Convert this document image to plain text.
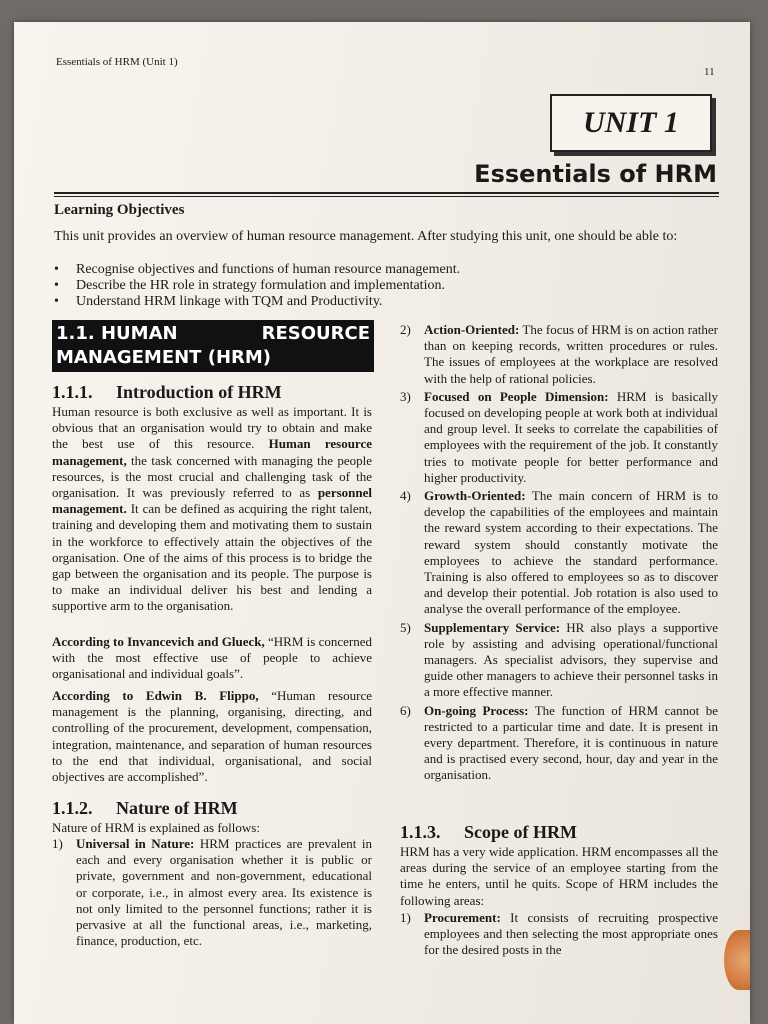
Essentials of HRM (Unit 1)
11
UNIT 1
Essentials of HRM
Learning Objectives
This unit provides an overview of human resource management. After studying this unit, one should be able to:
• Recognise objectives and functions of human resource management.
• Describe the HR role in strategy formulation and implementation.
• Understand HRM linkage with TQM and Productivity.
1.1. HUMAN	RESOURCE
MANAGEMENT (HRM)
1.1.1. Introduction of HRM
Human resource is both exclusive as well as important. It is obvious that an organisation would try to obtain and make the best use of this resource. Human resource management, the task concerned with managing the people resources, is the most crucial and challenging task of the organisation. It was previously referred to as personnel management. It can be defined as acquiring the right talent, training and developing them and motivating them to sustain in the workforce to effectively attain the objectives of the organisation. One of the aims of this process is to bridge the gap between the organisation and its people. The purpose is to make an individual deliver his best and lending a supportive arm to the organisation.
According to Invancevich and Glueck, “HRM is concerned with the most effective use of people to achieve organisational and individual goals”.
According to Edwin B. Flippo, “Human resource management is the planning, organising, directing, and controlling of the procurement, development, compensation, integration, maintenance, and separation of human resources to the end that individual, organisational, and social objectives are accomplished”.
1.1.2. Nature of HRM
Nature of HRM is explained as follows:
1) Universal in Nature: HRM practices are prevalent in each and every organisation whether it is public or private, government and non-government, educational or corporate, i.e., in almost every area. Its existence is not only limited to the personnel functions; rather it is pervasive at all the functional areas, i.e., marketing, finance, production, etc.
2) Action-Oriented: The focus of HRM is on action rather than on keeping records, written procedures or rules. The issues of employees at the workplace are resolved with the help of rational policies.
3) Focused on People Dimension: HRM is basically focused on developing people at work both at individual and group level. It seeks to correlate the capabilities of employees with the requirement of the job. It constantly tries to motivate people for better performance and higher productivity.
4) Growth-Oriented: The main concern of HRM is to develop the capabilities of the employees and maintain the reward system according to their expectations. The reward system should constantly motivate the employees to achieve the standard performance. Training is also offered to employees so as to discover and develop their potential. Job rotation is also used to analyse the overall performance of the employee.
5) Supplementary Service: HR also plays a supportive role by assisting and advising operational/functional managers. As specialist advisors, they supervise and guide other managers to achieve their personnel tasks in a more effective manner.
6) On-going Process: The function of HRM cannot be restricted to a particular time and date. It is present in every department. Therefore, it is continuous in nature and is practised every second, hour, day and year in the organisation.
1.1.3. Scope of HRM
HRM has a very wide application. HRM encompasses all the areas during the service of an employee starting from the time he enters, until he quits. Scope of HRM includes the following areas:
1) Procurement: It consists of recruiting prospective employees and then selecting the most appropriate ones for the desired posts in the
